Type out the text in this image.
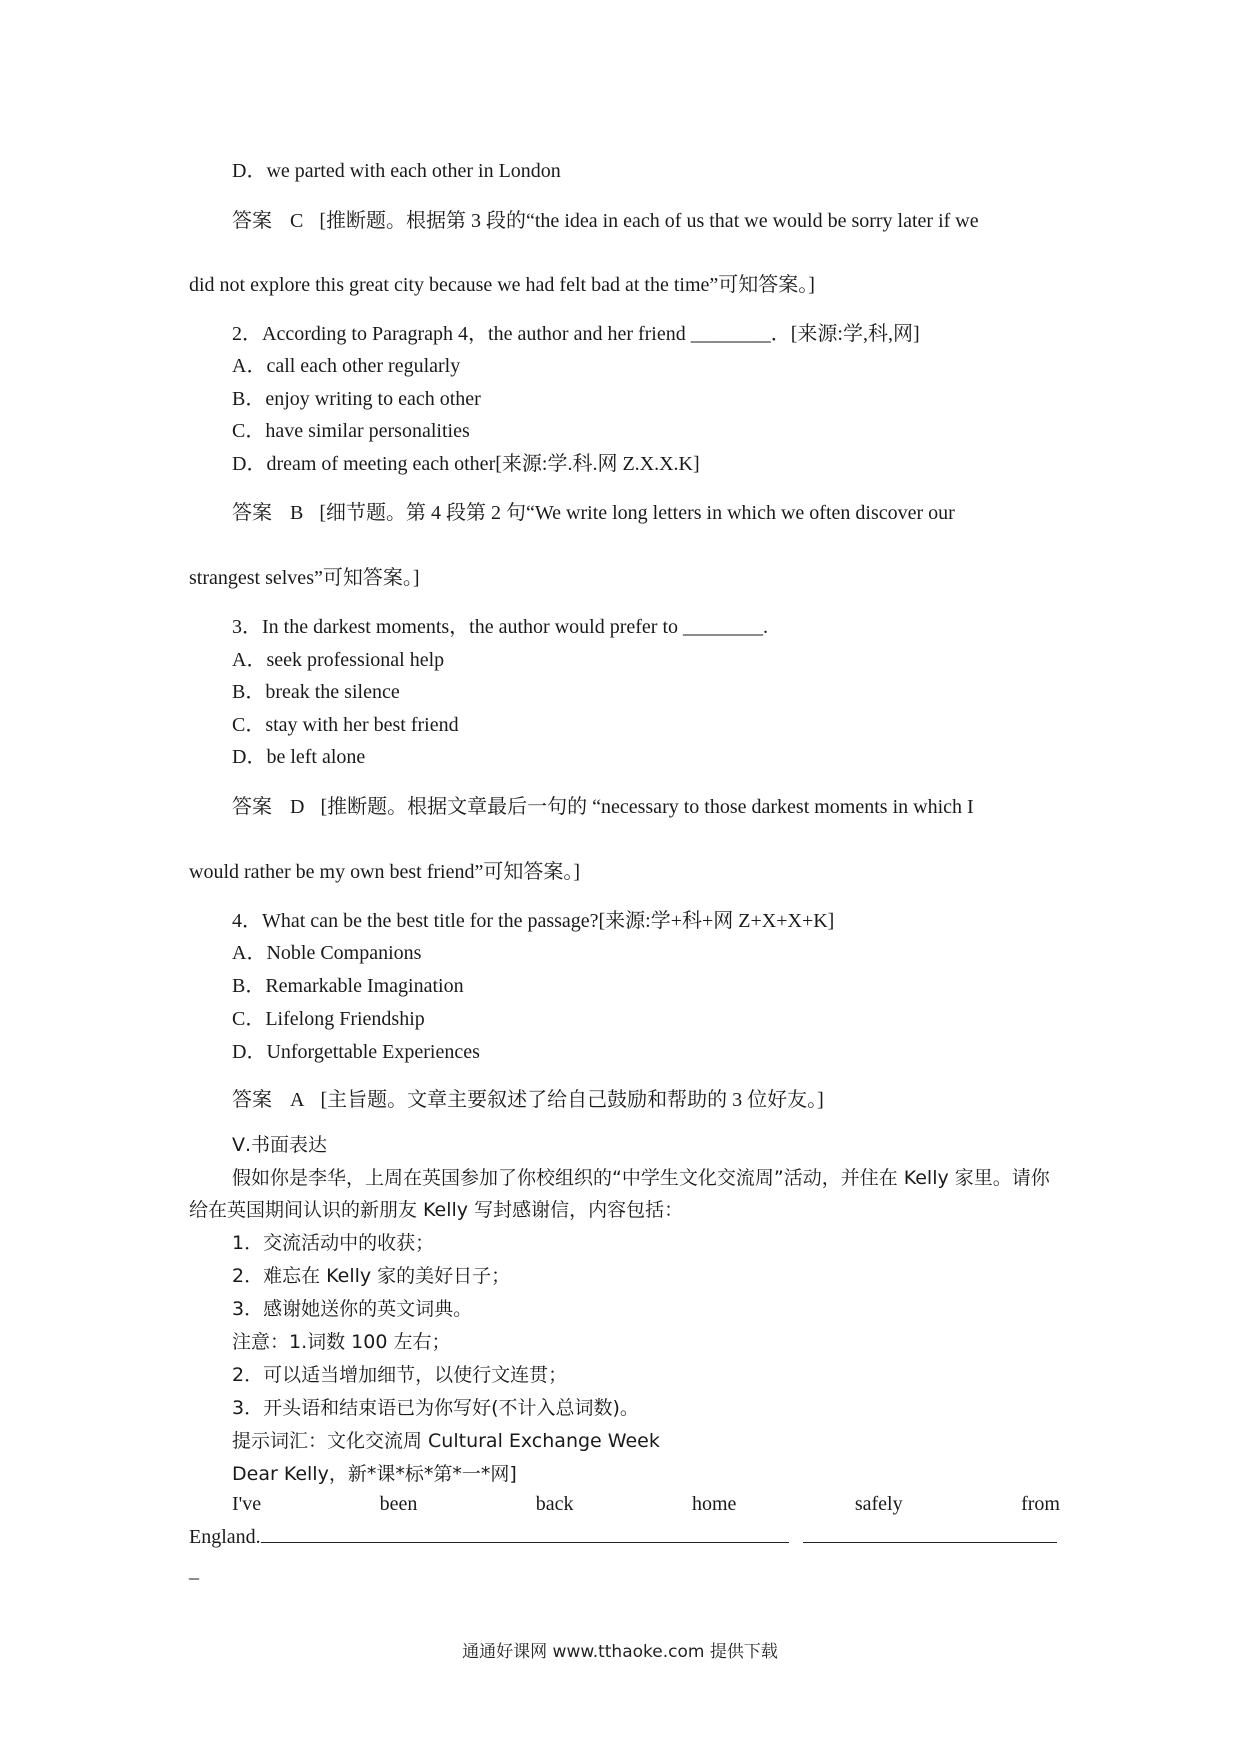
D．we parted with each other in London
答案 C [推断题。根据第 3 段的“the idea in each of us that we would be sorry later if we
did not explore this great city because we had felt bad at the time”可知答案。]
2．According to Paragraph 4，the author and her friend ________．[来源:学,科,网]
A．call each other regularly
B．enjoy writing to each other
C．have similar personalities
D．dream of meeting each other[来源:学.科.网 Z.X.X.K]
答案 B [细节题。第 4 段第 2 句“We write long letters in which we often discover our
strangest selves”可知答案。]
3．In the darkest moments，the author would prefer to ________.
A．seek professional help
B．break the silence
C．stay with her best friend
D．be left alone
答案 D [推断题。根据文章最后一句的 “necessary to those darkest moments in which I
would rather be my own best friend”可知答案。]
4．What can be the best title for the passage?[来源:学+科+网 Z+X+X+K]
A．Noble Companions
B．Remarkable Imagination
C．Lifelong Friendship
D．Unforgettable Experiences
答案 A [主旨题。文章主要叙述了给自己鼓励和帮助的 3 位好友。]
Ⅴ.书面表达
假如你是李华，上周在英国参加了你校组织的“中学生文化交流周”活动，并住在 Kelly 家里。请你给在英国期间认识的新朋友 Kelly 写封感谢信，内容包括：
1．交流活动中的收获；
2．难忘在 Kelly 家的美好日子；
3．感谢她送你的英文词典。
注意：1.词数 100 左右；
2．可以适当增加细节，以使行文连贯；
3．开头语和结束语已为你写好(不计入总词数)。
提示词汇：文化交流周 Cultural Exchange Week
Dear Kelly，新*课*标*第*一*网]
I've	been	back	home	safely	from
England.
_
通通好课网 www.tthaoke.com 提供下载
